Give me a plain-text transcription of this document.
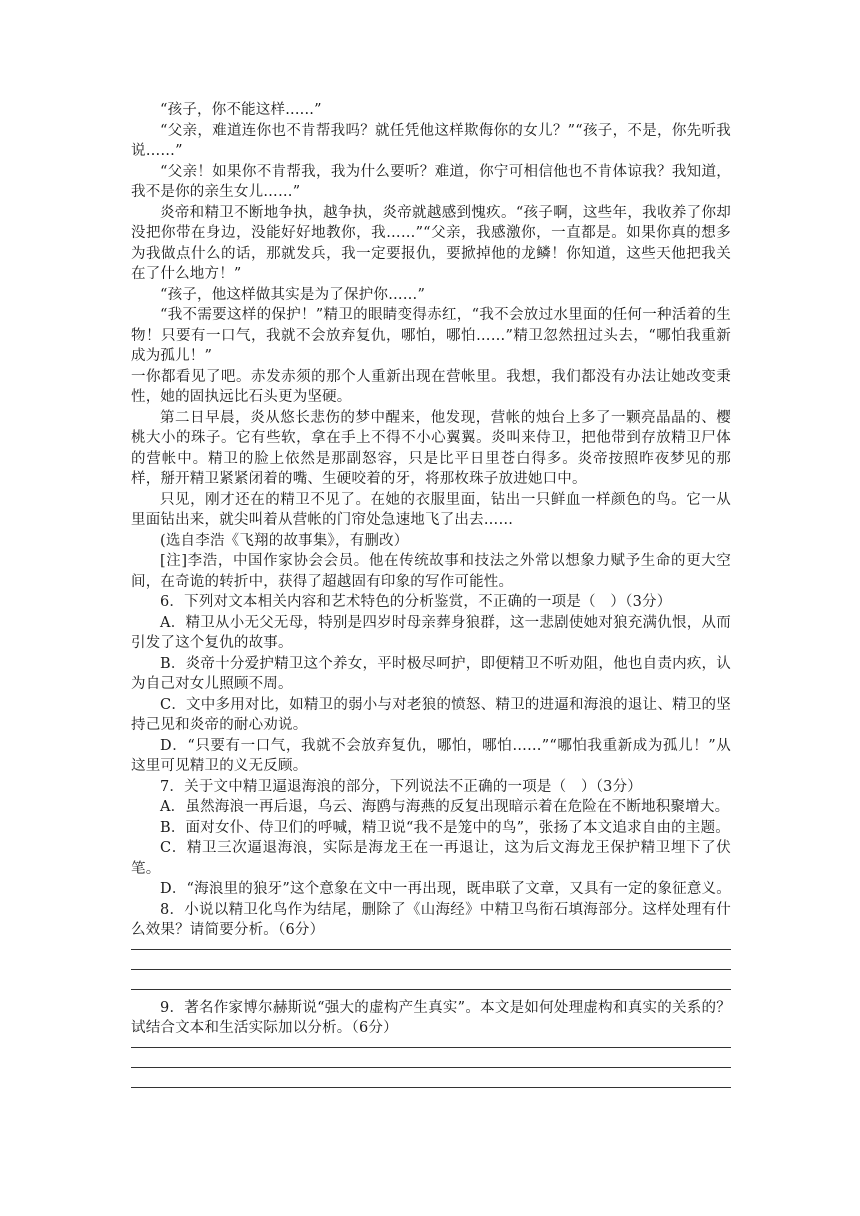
“孩子，你不能这样......”

“父亲，难道连你也不肯帮我吗？就任凭他这样欺侮你的女儿？”“孩子，不是，你先听我说……”

“父亲！如果你不肯帮我，我为什么要听？难道，你宁可相信他也不肯体谅我？我知道，我不是你的亲生女儿……”

炎帝和精卫不断地争执，越争执，炎帝就越感到愧疚。“孩子啊，这些年，我收养了你却没把你带在身边，没能好好地教你，我……”“父亲，我感激你，一直都是。如果你真的想多为我做点什么的话，那就发兵，我一定要报仇，要掀掉他的龙鳞！你知道，这些天他把我关在了什么地方！”

“孩子，他这样做其实是为了保护你……”

“我不需要这样的保护！”精卫的眼睛变得赤红，“我不会放过水里面的任何一种活着的生物！只要有一口气，我就不会放弃复仇，哪怕，哪怕……”精卫忽然扭过头去，“哪怕我重新成为孤儿！”

一你都看见了吧。赤发赤须的那个人重新出现在营帐里。我想，我们都没有办法让她改变秉性，她的固执远比石头更为坚硬。

第二日早晨，炎从悠长悲伤的梦中醒来，他发现，营帐的烛台上多了一颗亮晶晶的、樱桃大小的珠子。它有些软，拿在手上不得不小心翼翼。炎叫来侍卫，把他带到存放精卫尸体的营帐中。精卫的脸上依然是那副怒容，只是比平日里苍白得多。炎帝按照昨夜梦见的那样，掰开精卫紧紧闭着的嘴、生硬咬着的牙，将那枚珠子放进她口中。

只见，刚才还在的精卫不见了。在她的衣服里面，钻出一只鲜血一样颜色的鸟。它一从里面钻出来，就尖叫着从营帐的门帘处急速地飞了出去……

(选自李浩《飞翔的故事集》，有删改）

[注]李浩，中国作家协会会员。他在传统故事和技法之外常以想象力赋予生命的更大空间，在奇诡的转折中，获得了超越固有印象的写作可能性。

6．下列对文本相关内容和艺术特色的分析鉴赏，不正确的一项是（　）（3分）

A．精卫从小无父无母，特别是四岁时母亲葬身狼群，这一悲剧使她对狼充满仇恨，从而引发了这个复仇的故事。

B．炎帝十分爱护精卫这个养女，平时极尽呵护，即便精卫不听劝阻，他也自责内疚，认为自己对女儿照顾不周。

C．文中多用对比，如精卫的弱小与对老狼的愤怒、精卫的进逼和海浪的退让、精卫的坚持己见和炎帝的耐心劝说。

D．“只要有一口气，我就不会放弃复仇，哪怕，哪怕……”“哪怕我重新成为孤儿！”从这里可见精卫的义无反顾。

7．关于文中精卫逼退海浪的部分，下列说法不正确的一项是（　）（3分）

A．虽然海浪一再后退，乌云、海鸥与海燕的反复出现暗示着在危险在不断地积聚增大。

B．面对女仆、侍卫们的呼喊，精卫说“我不是笼中的鸟”，张扬了本文追求自由的主题。

C．精卫三次逼退海浪，实际是海龙王在一再退让，这为后文海龙王保护精卫埋下了伏笔。

D．“海浪里的狼牙”这个意象在文中一再出现，既串联了文章，又具有一定的象征意义。

8．小说以精卫化鸟作为结尾，删除了《山海经》中精卫鸟衔石填海部分。这样处理有什么效果？请简要分析。（6分）

9．著名作家博尔赫斯说“强大的虚构产生真实”。本文是如何处理虚构和真实的关系的？试结合文本和生活实际加以分析。（6分）
